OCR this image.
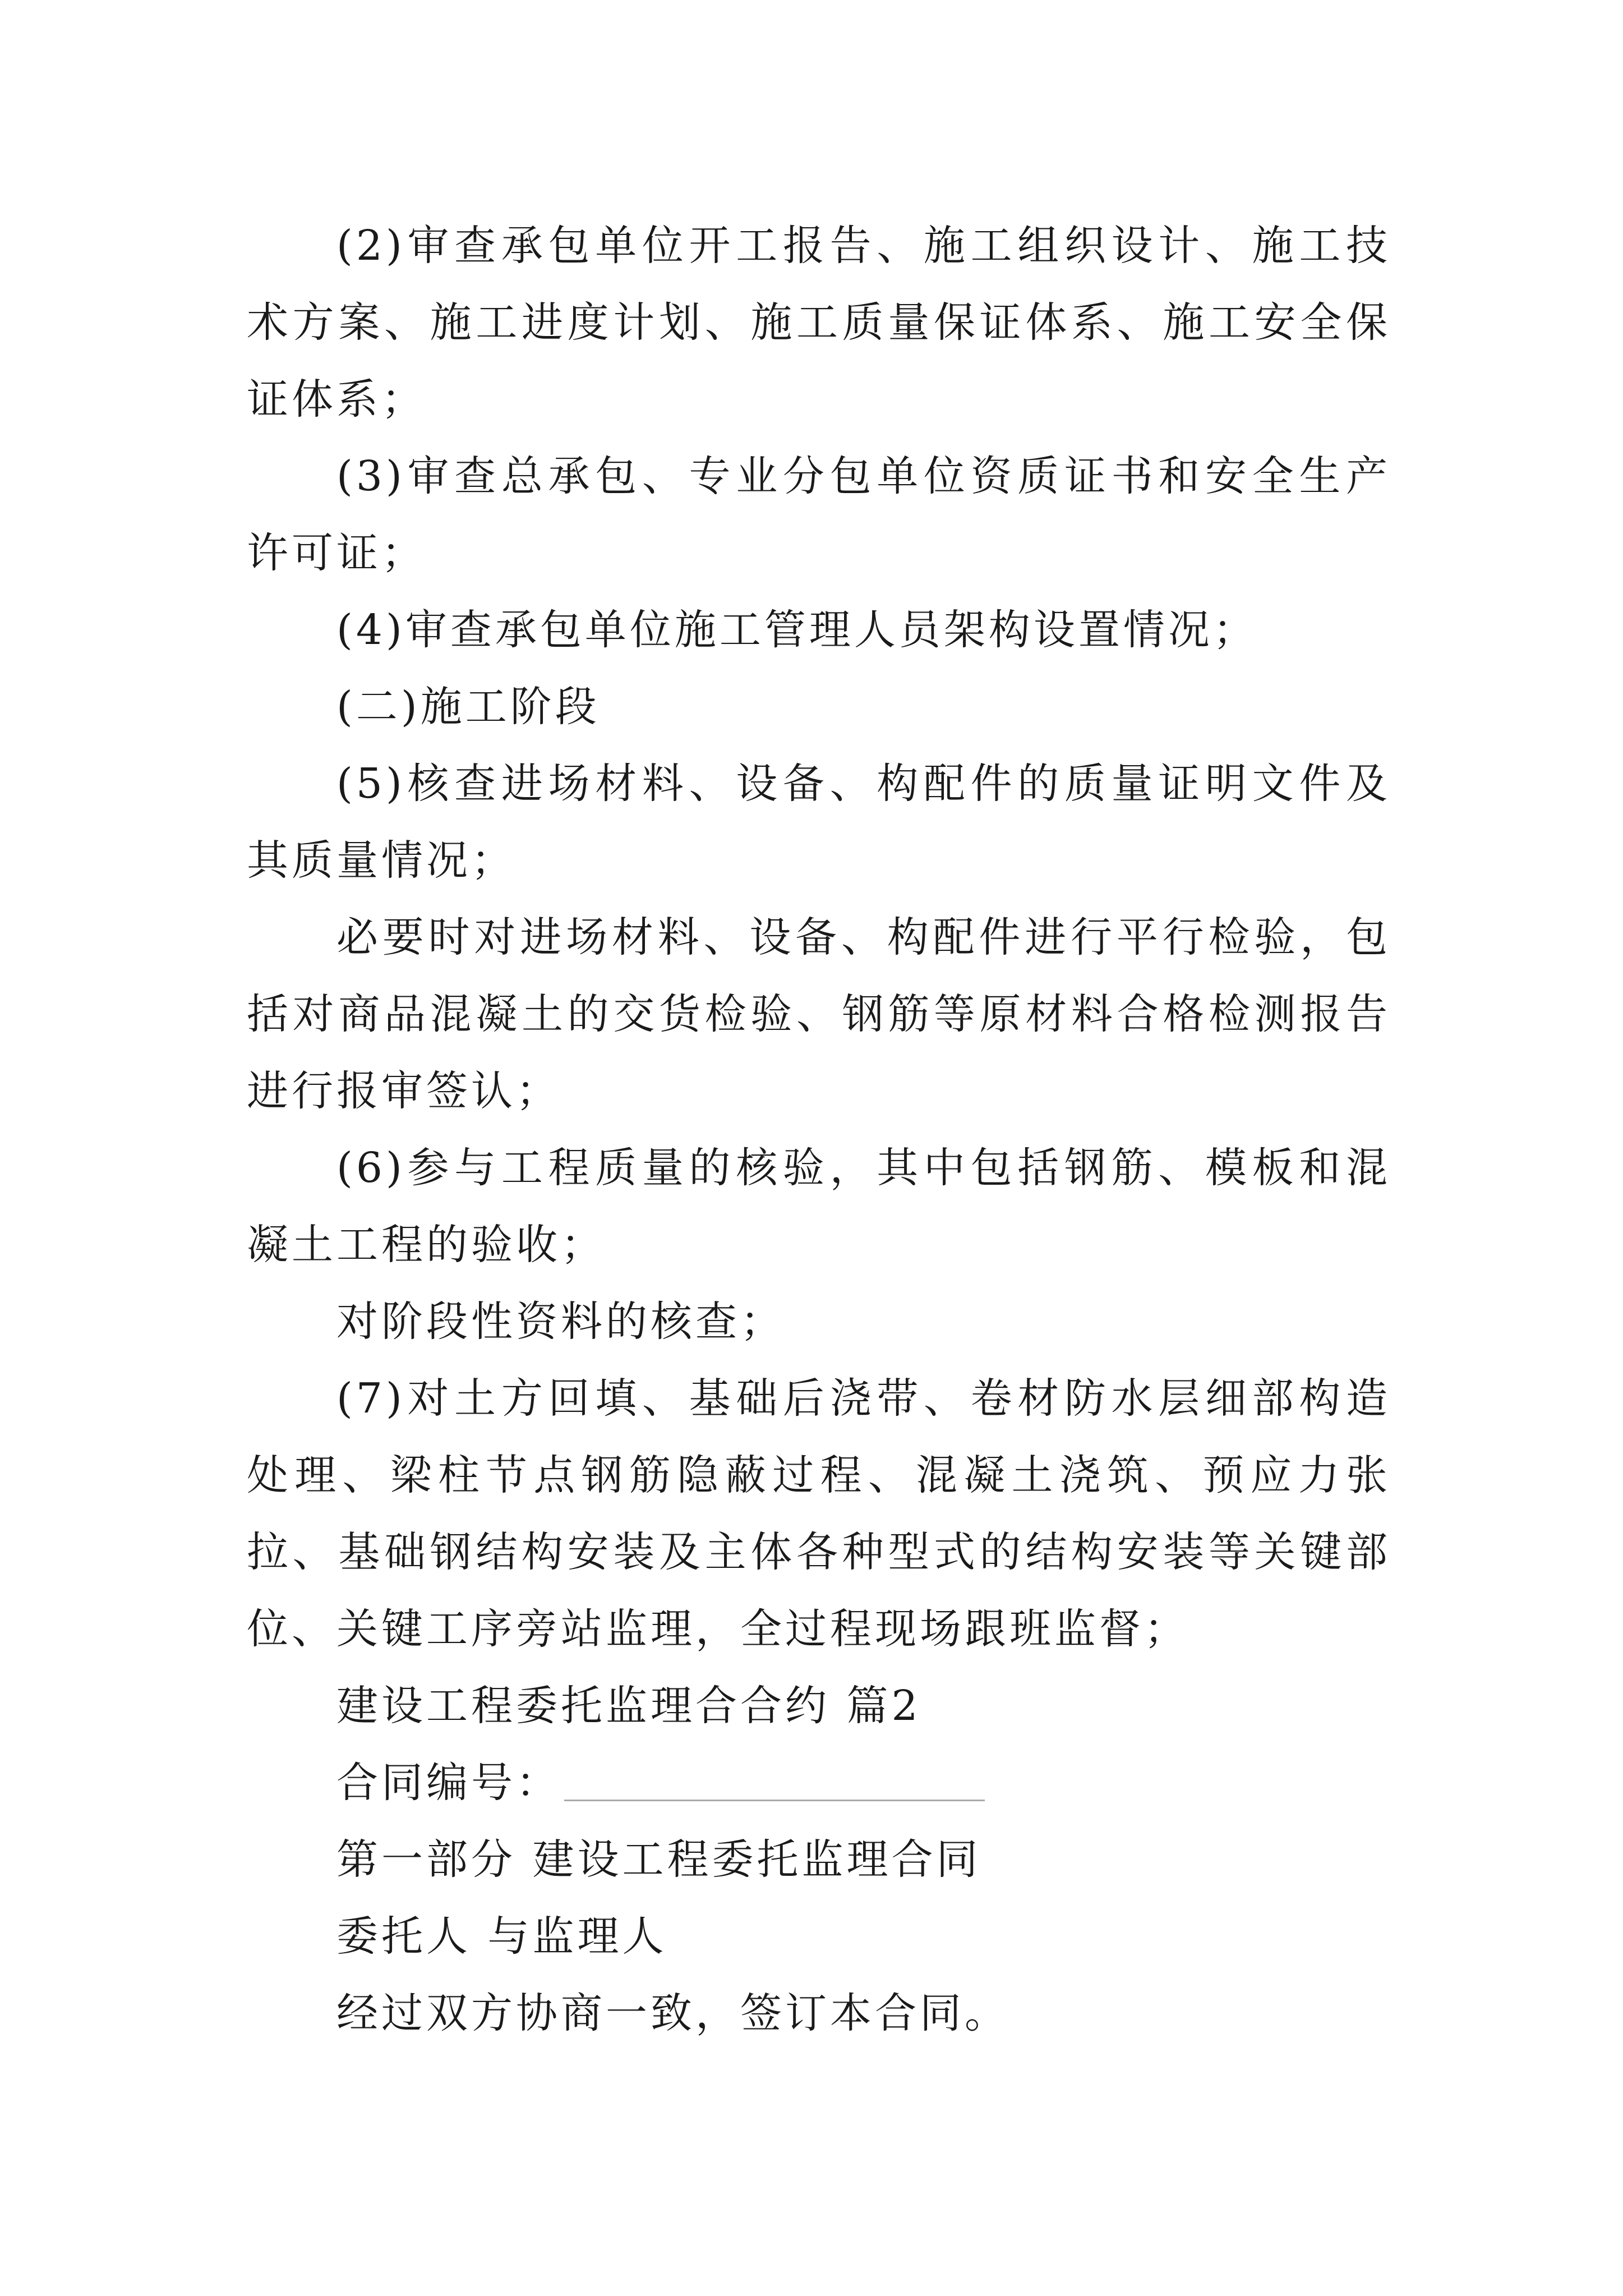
(2)审查承包单位开工报告、施工组织设计、施工技术方案、施工进度计划、施工质量保证体系、施工安全保证体系；

(3)审查总承包、专业分包单位资质证书和安全生产许可证；

(4)审查承包单位施工管理人员架构设置情况；

(二)施工阶段

(5)核查进场材料、设备、构配件的质量证明文件及其质量情况；

必要时对进场材料、设备、构配件进行平行检验，包括对商品混凝土的交货检验、钢筋等原材料合格检测报告进行报审签认；

(6)参与工程质量的核验，其中包括钢筋、模板和混凝土工程的验收；

对阶段性资料的核查；

(7)对土方回填、基础后浇带、卷材防水层细部构造处理、梁柱节点钢筋隐蔽过程、混凝土浇筑、预应力张拉、基础钢结构安装及主体各种型式的结构安装等关键部位、关键工序旁站监理，全过程现场跟班监督；

建设工程委托监理合合约 篇2

合同编号：

第一部分 建设工程委托监理合同

委托人 与监理人

经过双方协商一致，签订本合同。
